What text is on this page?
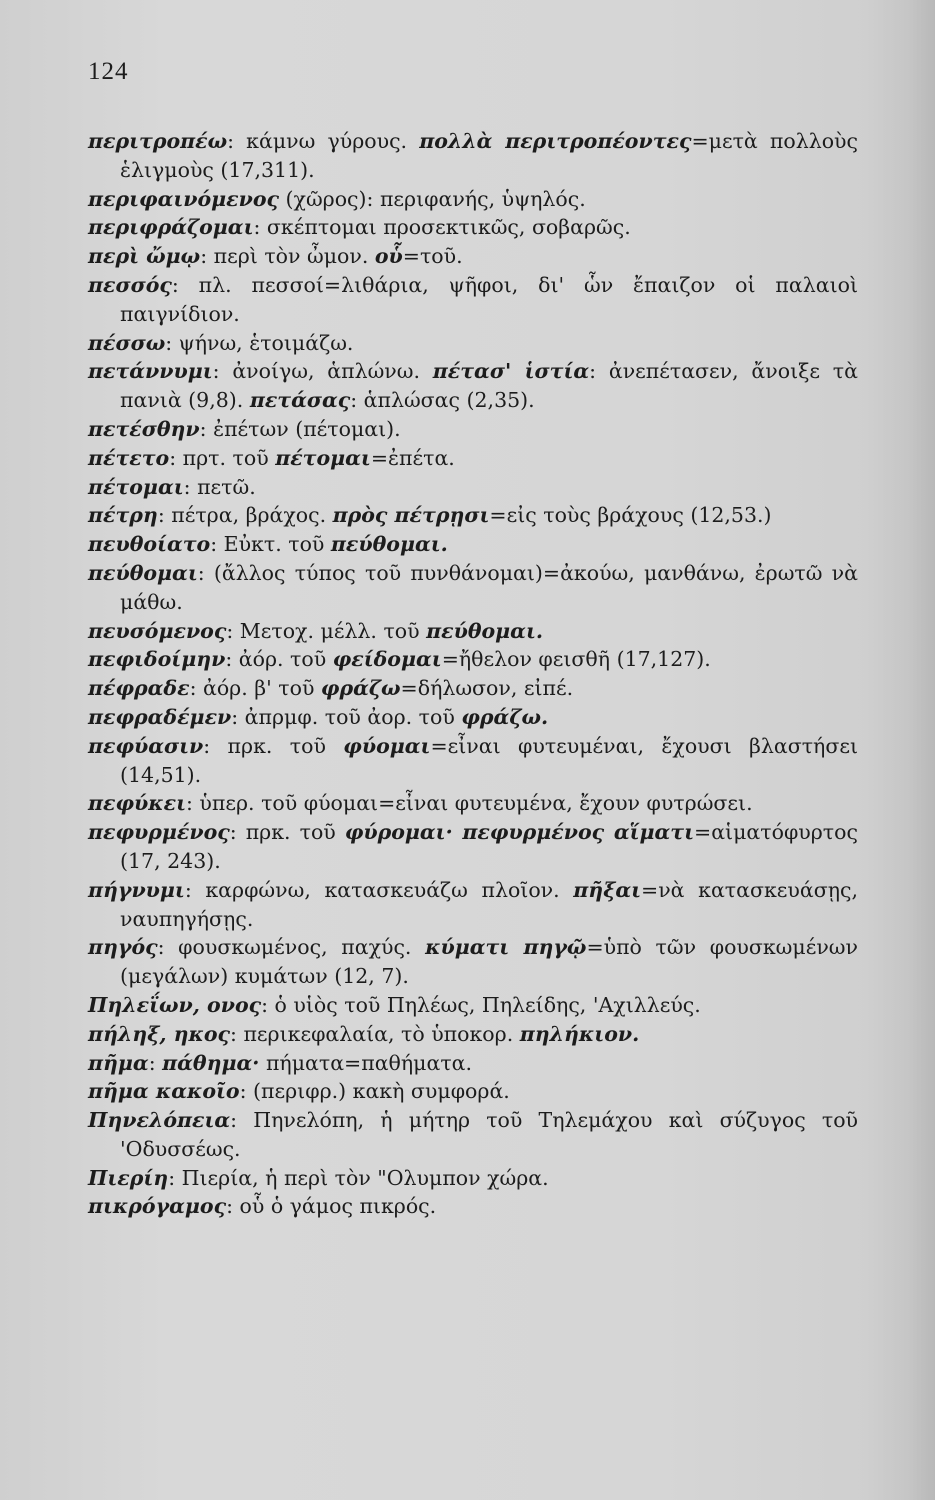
124
περιτροπέω: κάμνω γύρους. πολλὰ περιτροπέοντες=μετὰ πολλοὺς ἑλιγμοὺς (17,311).
περιφαινόμενος (χῶρος): περιφανής, ὑψηλός.
περιφράζομαι: σκέπτομαι προσεκτικῶς, σοβαρῶς.
περὶ ὤμῳ: περὶ τὸν ὦμον. οὗ=τοῦ.
πεσσός: πλ. πεσσοί=λιθάρια, ψῆφοι, δι' ὧν ἔπαιζον οἱ παλαιοὶ παιγνίδιον.
πέσσω: ψήνω, ἑτοιμάζω.
πετάννυμι: ἀνοίγω, ἁπλώνω. πέτασ' ἱστία: ἀνεπέτασεν, ἄνοιξε τὰ πανιὰ (9,8). πετάσας: ἁπλώσας (2,35).
πετέσθην: ἐπέτων (πέτομαι).
πέτετο: πρτ. τοῦ πέτομαι=ἐπέτα.
πέτομαι: πετῶ.
πέτρη: πέτρα, βράχος. πρὸς πέτρῃσι=εἰς τοὺς βράχους (12,53.)
πευθοίατο: Εὐκτ. τοῦ πεύθομαι.
πεύθομαι: (ἄλλος τύπος τοῦ πυνθάνομαι)=ἀκούω, μανθάνω, ἐρωτῶ νὰ μάθω.
πευσόμενος: Μετοχ. μέλλ. τοῦ πεύθομαι.
πεφιδοίμην: ἀόρ. τοῦ φείδομαι=ἤθελον φεισθῆ (17,127).
πέφραδε: ἀόρ. β' τοῦ φράζω=δήλωσον, εἰπέ.
πεφραδέμεν: ἀπρμφ. τοῦ ἀορ. τοῦ φράζω.
πεφύασιν: πρκ. τοῦ φύομαι=εἶναι φυτευμέναι, ἔχουσι βλαστήσει (14,51).
πεφύκει: ὑπερ. τοῦ φύομαι=εἶναι φυτευμένα, ἔχουν φυτρώσει.
πεφυρμένος: πρκ. τοῦ φύρομαι· πεφυρμένος αἵματι=αἱματόφυρτος (17, 243).
πήγνυμι: καρφώνω, κατασκευάζω πλοῖον. πῆξαι=νὰ κατασκευάσῃς, ναυπηγήσῃς.
πηγός: φουσκωμένος, παχύς. κύματι πηγῷ=ὑπὸ τῶν φουσκωμένων (μεγάλων) κυμάτων (12, 7).
Πηλεΐων, ονος: ὁ υἱὸς τοῦ Πηλέως, Πηλείδης, 'Αχιλλεύς.
πήληξ, ηκος: περικεφαλαία, τὸ ὑποκορ. πηλήκιον.
πῆμα: πάθημα· πήματα=παθήματα.
πῆμα κακοῖο: (περιφρ.) κακὴ συμφορά.
Πηνελόπεια: Πηνελόπη, ἡ μήτηρ τοῦ Τηλεμάχου καὶ σύζυγος τοῦ 'Οδυσσέως.
Πιερίη: Πιερία, ἡ περὶ τὸν "Ολυμπον χώρα.
πικρόγαμος: οὗ ὁ γάμος πικρός.
